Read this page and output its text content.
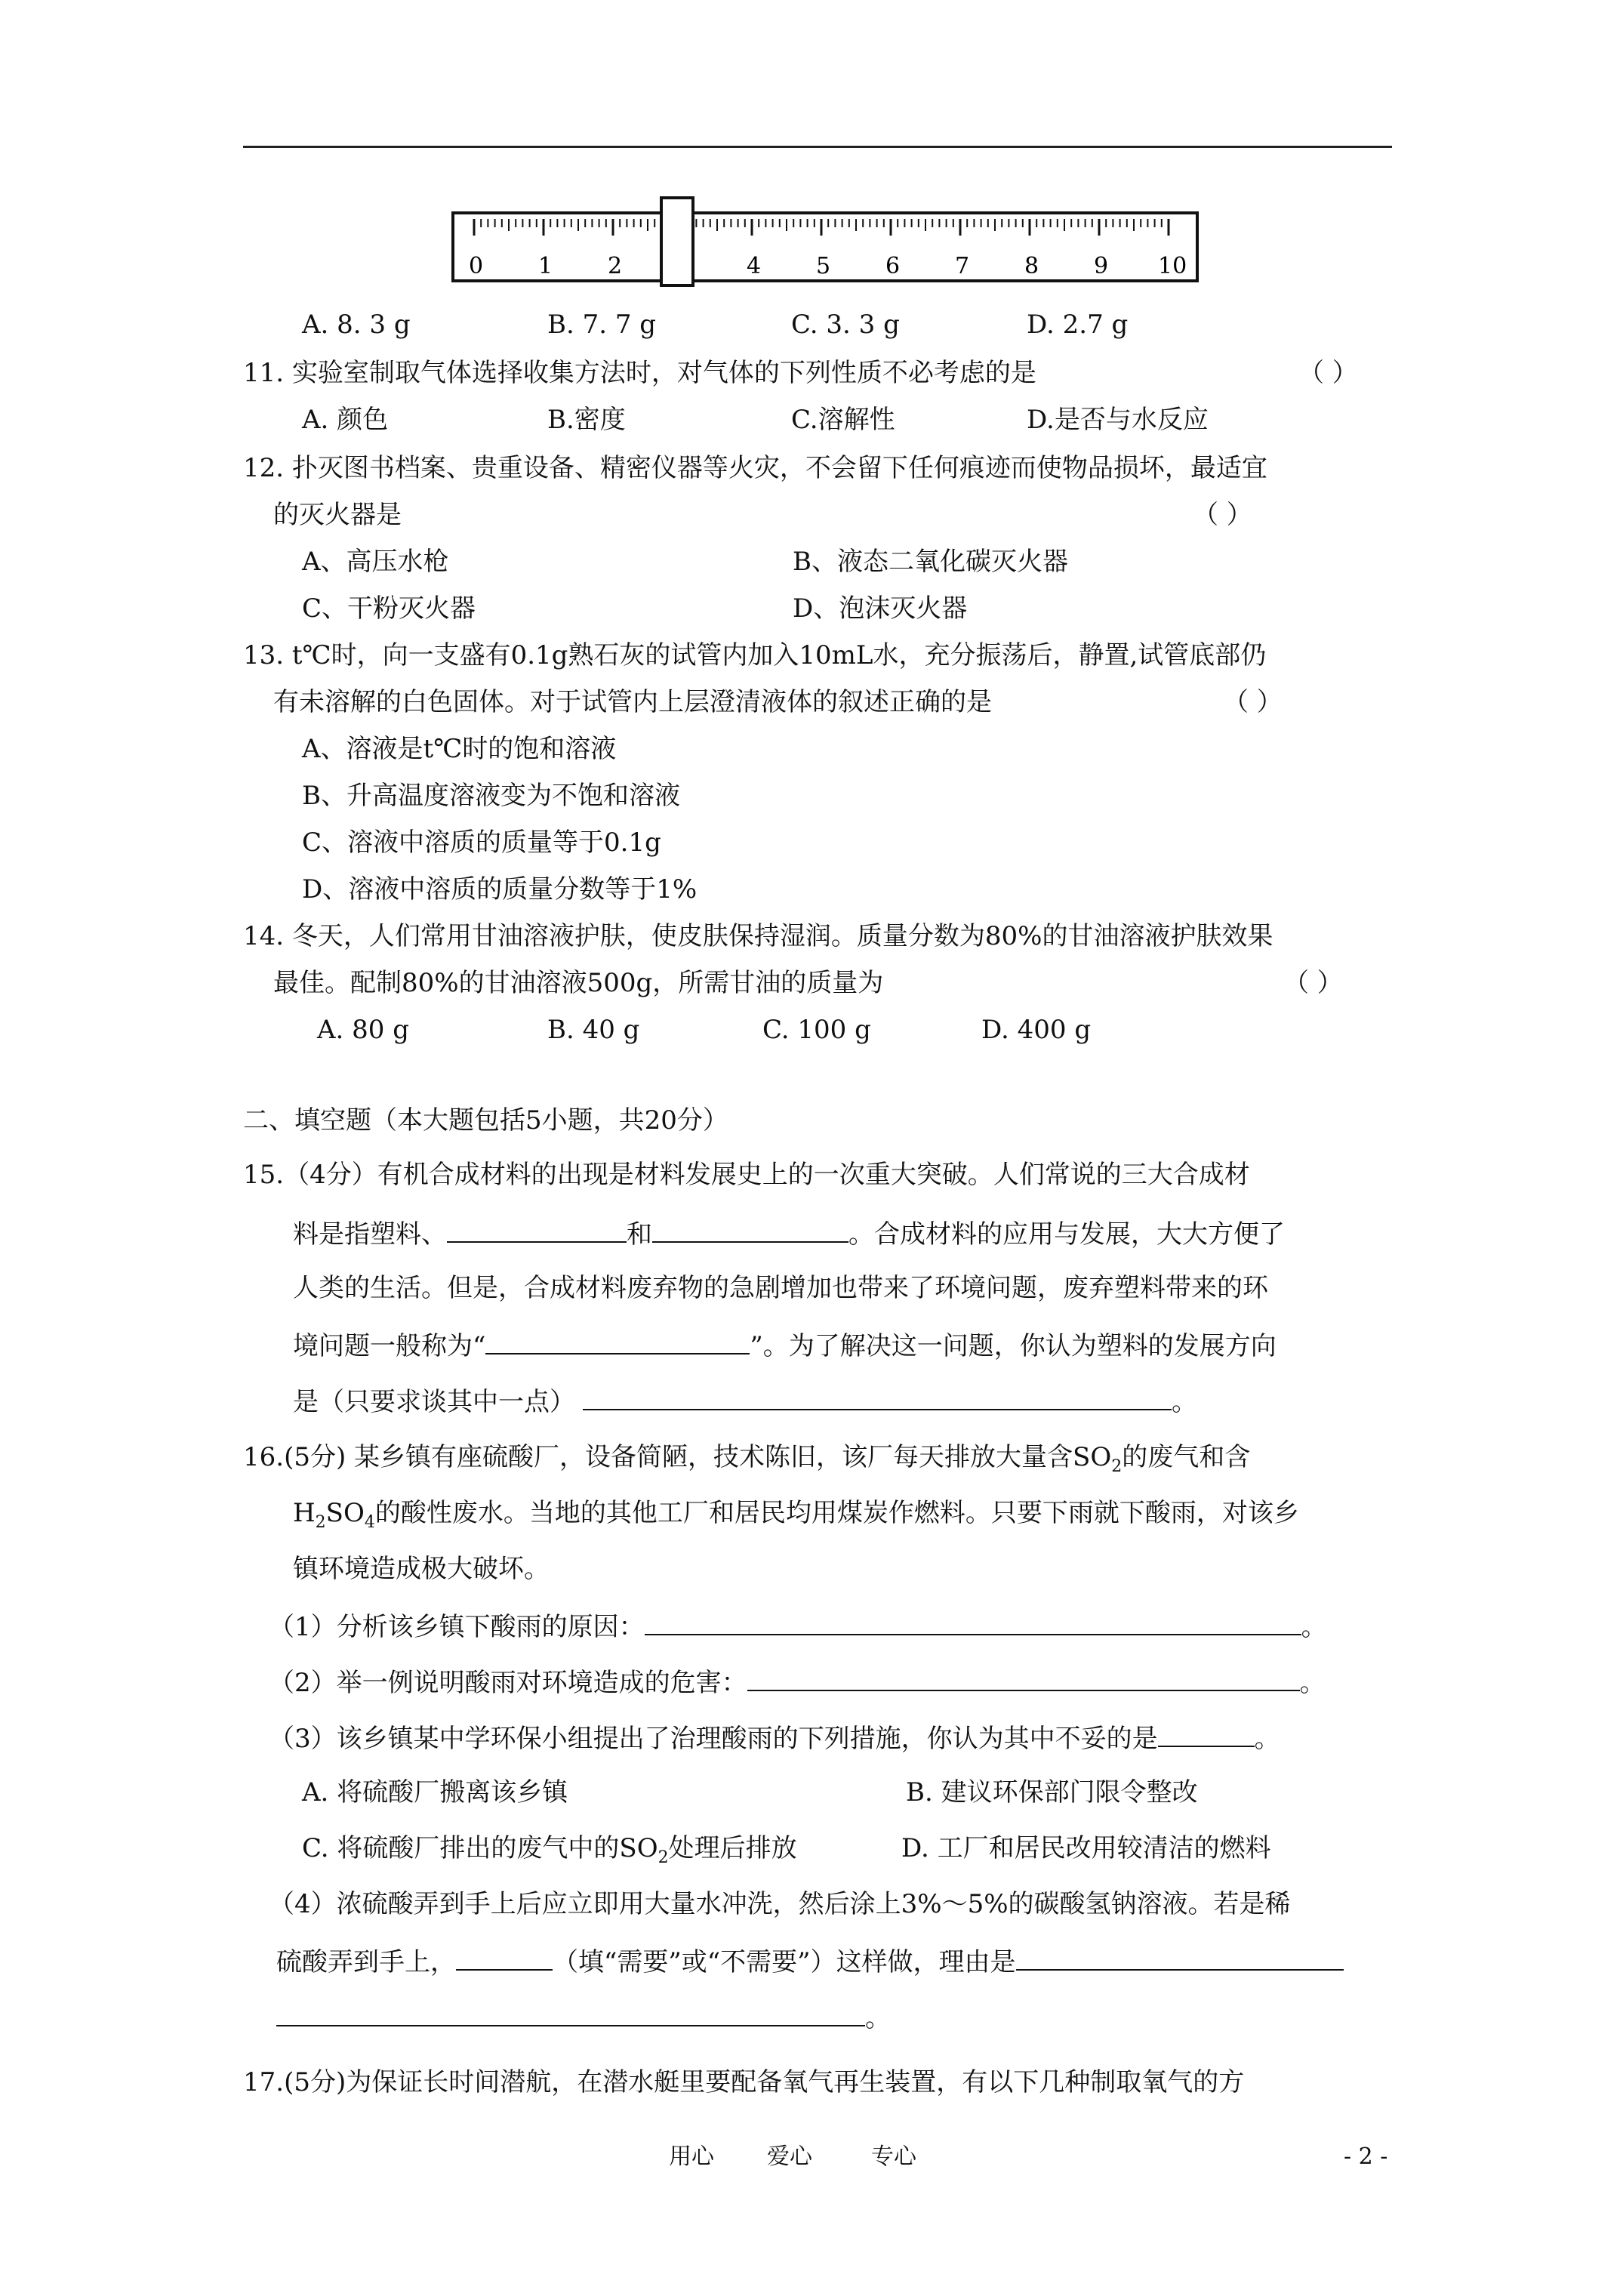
0 1 2	4 5 6 7 8 9 10
A. 8. 3 g	B. 7. 7 g	C. 3. 3 g	D. 2.7 g
11. 实验室制取气体选择收集方法时，对气体的下列性质不必考虑的是	（ ）
A. 颜色	B.密度	C.溶解性	D.是否与水反应
12. 扑灭图书档案、贵重设备、精密仪器等火灾，不会留下任何痕迹而使物品损坏，最适宜
的灭火器是	（ ）
A、高压水枪	B、液态二氧化碳灭火器
C、干粉灭火器	D、泡沫灭火器
13. t℃时，向一支盛有0.1g熟石灰的试管内加入10mL水，充分振荡后，静置,试管底部仍
有未溶解的白色固体。对于试管内上层澄清液体的叙述正确的是	（ ）
A、溶液是t℃时的饱和溶液
B、升高温度溶液变为不饱和溶液
C、溶液中溶质的质量等于0.1g
D、溶液中溶质的质量分数等于1%
14. 冬天，人们常用甘油溶液护肤，使皮肤保持湿润。质量分数为80%的甘油溶液护肤效果
最佳。配制80%的甘油溶液500g，所需甘油的质量为	（ ）
A. 80 g	B. 40 g	C. 100 g	D. 400 g
二、填空题（本大题包括5小题，共20分）
15.（4分）有机合成材料的出现是材料发展史上的一次重大突破。人们常说的三大合成材
料是指塑料、	和	。合成材料的应用与发展，大大方便了
人类的生活。但是，合成材料废弃物的急剧增加也带来了环境问题，废弃塑料带来的环
境问题一般称为“	”。为了解决这一问题，你认为塑料的发展方向
是（只要求谈其中一点）	。
16.(5分) 某乡镇有座硫酸厂，设备简陋，技术陈旧，该厂每天排放大量含$SO_2$的废气和含
$H_2SO_4$的酸性废水。当地的其他工厂和居民均用煤炭作燃料。只要下雨就下酸雨，对该乡
镇环境造成极大破坏。
（1）分析该乡镇下酸雨的原因：	。
（2）举一例说明酸雨对环境造成的危害：	。
（3）该乡镇某中学环保小组提出了治理酸雨的下列措施，你认为其中不妥的是	。
A. 将硫酸厂搬离该乡镇	B. 建议环保部门限令整改
C. 将硫酸厂排出的废气中的$SO_2$处理后排放	D. 工厂和居民改用较清洁的燃料
（4）浓硫酸弄到手上后应立即用大量水冲洗，然后涂上3%～5%的碳酸氢钠溶液。若是稀
硫酸弄到手上，	（填“需要”或“不需要”）这样做，理由是
。
17.(5分)为保证长时间潜航，在潜水艇里要配备氧气再生装置，有以下几种制取氧气的方
用心 爱心	专心	- 2 -
